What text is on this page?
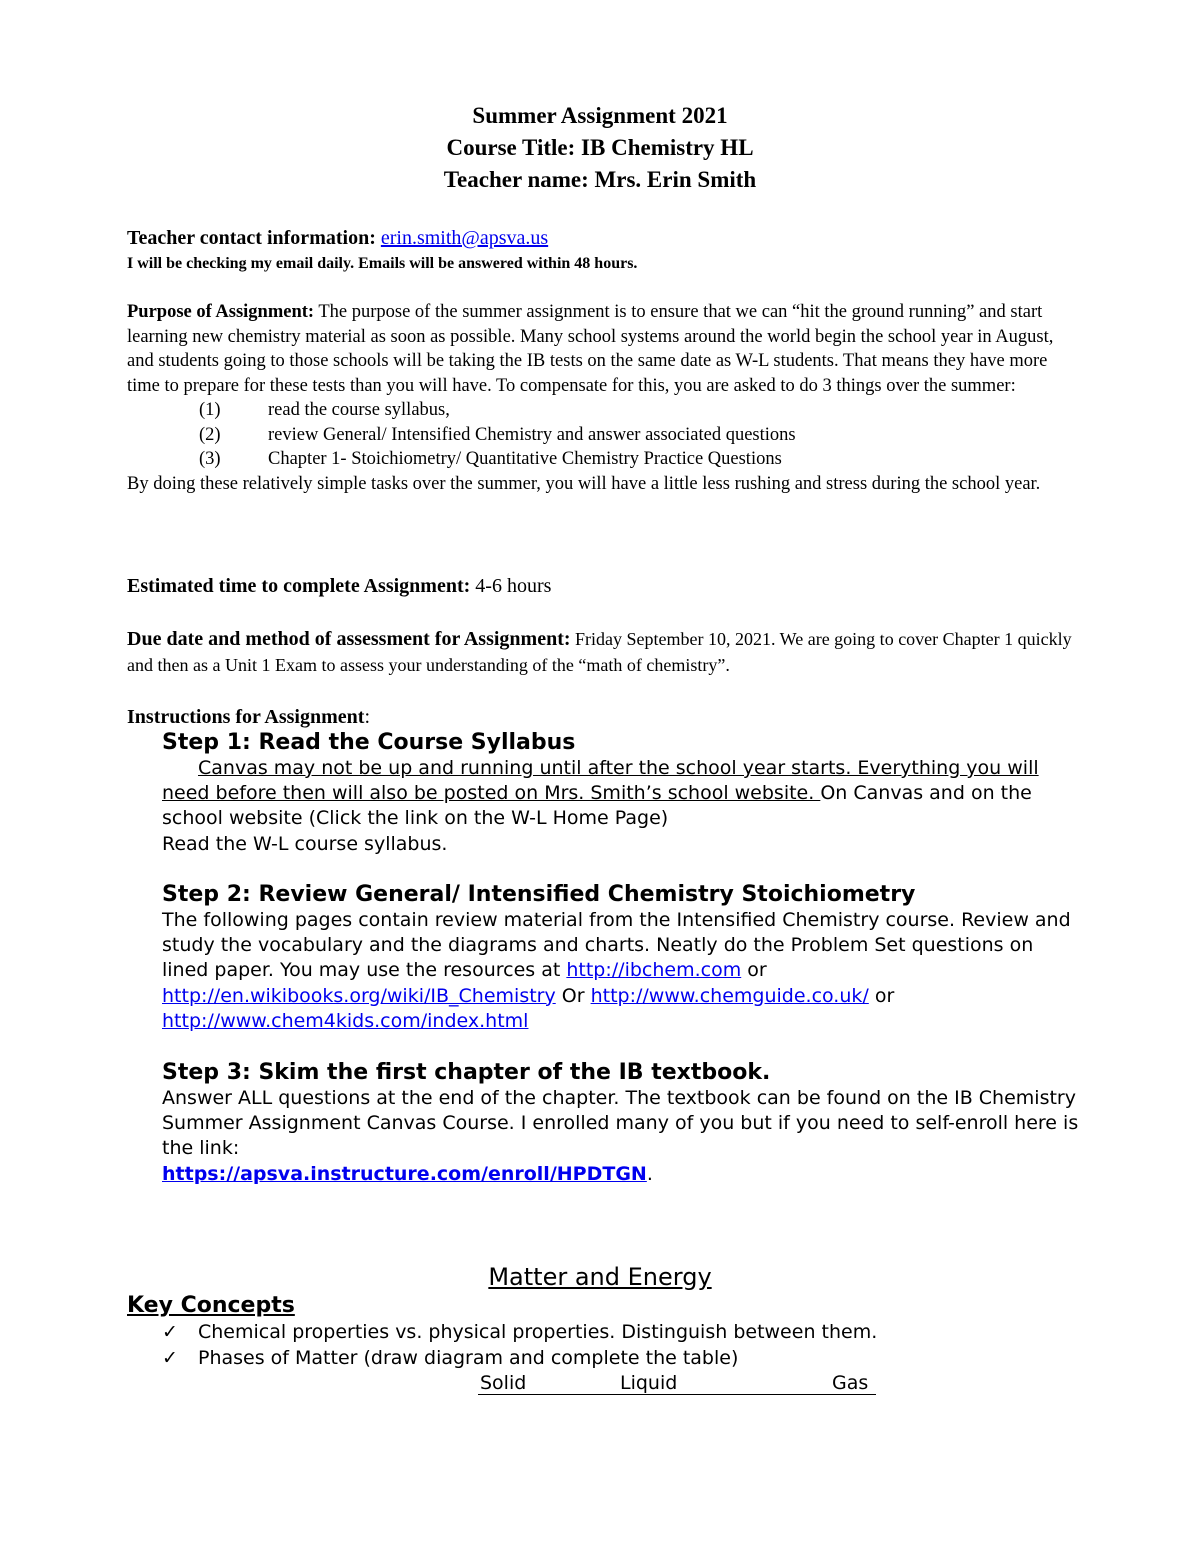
Summer Assignment 2021

Course Title: IB Chemistry HL

Teacher name: Mrs. Erin Smith

Teacher contact information: erin.smith@apsva.us
I will be checking my email daily. Emails will be answered within 48 hours.
Purpose of Assignment: The purpose of the summer assignment is to ensure that we can “hit the ground running” and start learning new chemistry material as soon as possible. Many school systems around the world begin the school year in August, and students going to those schools will be taking the IB tests on the same date as W-L students. That means they have more time to prepare for these tests than you will have. To compensate for this, you are asked to do 3 things over the summer:
(1)	read the course syllabus,
(2)	review General/ Intensified Chemistry and answer associated questions
(3)	Chapter 1- Stoichiometry/ Quantitative Chemistry Practice Questions
By doing these relatively simple tasks over the summer, you will have a little less rushing and stress during the school year.
Estimated time to complete Assignment: 4-6 hours
Due date and method of assessment for Assignment: Friday September 10, 2021. We are going to cover Chapter 1 quickly and then as a Unit 1 Exam to assess your understanding of the “math of chemistry”.
Instructions for Assignment:
Step 1: Read the Course Syllabus

Canvas may not be up and running until after the school year starts. Everything you will need before then will also be posted on Mrs. Smith’s school website. On Canvas and on the school website (Click the link on the W-L Home Page)

Read the W-L course syllabus.

Step 2: Review General/ Intensified Chemistry Stoichiometry

The following pages contain review material from the Intensified Chemistry course. Review and study the vocabulary and the diagrams and charts. Neatly do the Problem Set questions on lined paper. You may use the resources at http://ibchem.com or http://en.wikibooks.org/wiki/IB_Chemistry Or http://www.chemguide.co.uk/ or http://www.chem4kids.com/index.html

Step 3: Skim the first chapter of the IB textbook.

Answer ALL questions at the end of the chapter. The textbook can be found on the IB Chemistry Summer Assignment Canvas Course. I enrolled many of you but if you need to self-enroll here is the link:

https://apsva.instructure.com/enroll/HPDTGN.

Matter and Energy
Key Concepts
✓ Chemical properties vs. physical properties. Distinguish between them.
✓ Phases of Matter (draw diagram and complete the table)
Solid	Liquid	Gas
